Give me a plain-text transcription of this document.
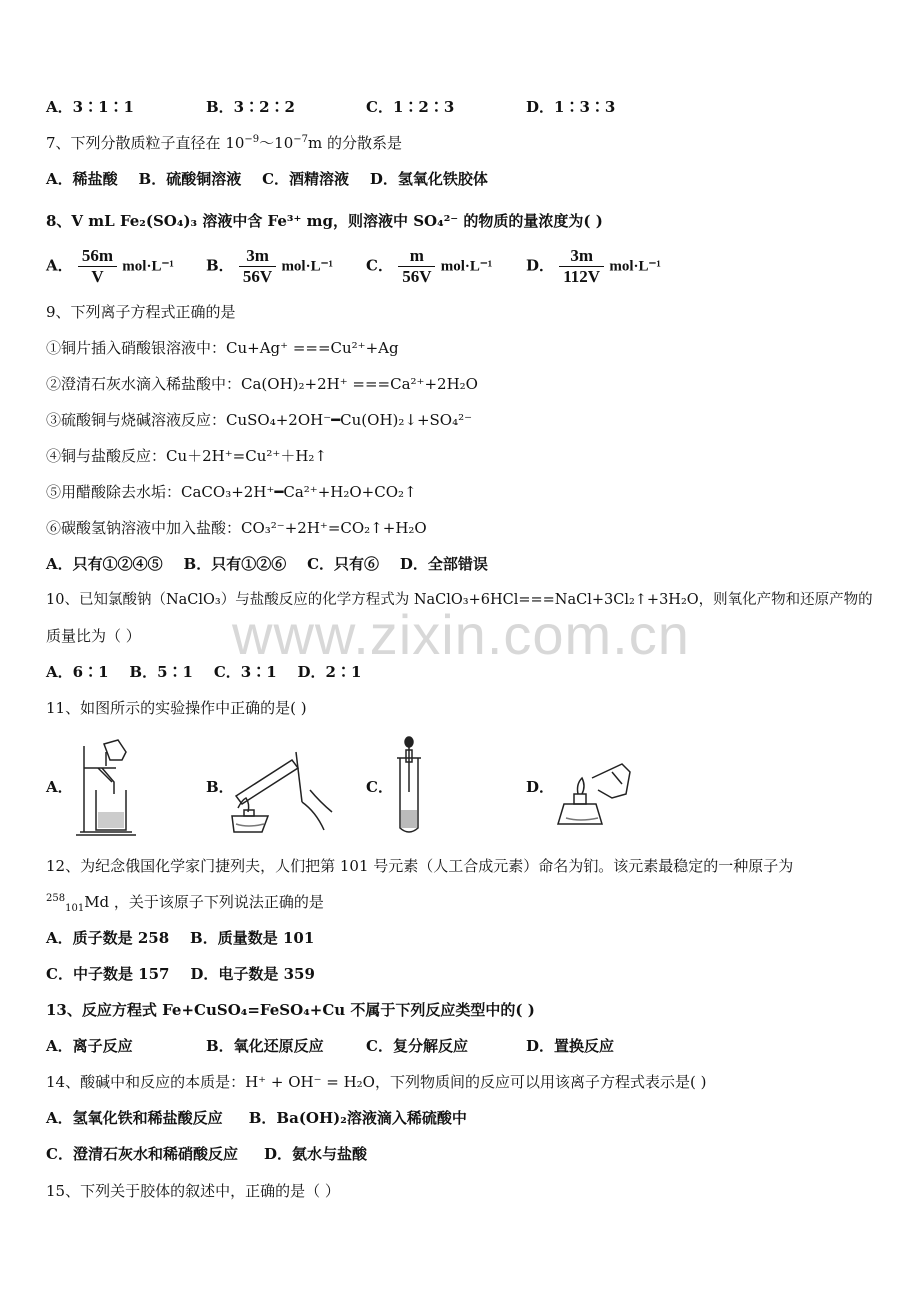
A．3∶1∶1	B．3∶2∶2	C．1∶2∶3	D．1∶3∶3
7、下列分散质粒子直径在 $10^{-9}\sim 10^{-7}m$ 的分散系是
A．稀盐酸    B．硫酸铜溶液    C．酒精溶液    D．氢氧化铁胶体
8、V mL Fe₂(SO₄)₃ 溶液中含 Fe³⁺ mg，则溶液中 SO₄²⁻ 的物质的量浓度为( )
A． $\frac{56m}{V} mol\cdot L^{-1}$ B． $\frac{3m}{56V} mol\cdot L^{-1}$ C． $\frac{m}{56V} mol\cdot L^{-1}$ D． $\frac{3m}{112V} mol\cdot L^{-1}$
9、下列离子方程式正确的是
①铜片插入硝酸银溶液中：Cu+Ag⁺ ===Cu²⁺+Ag
②澄清石灰水滴入稀盐酸中：Ca(OH)₂+2H⁺ ===Ca²⁺+2H₂O
③硫酸铜与烧碱溶液反应：CuSO₄+2OH⁻━Cu(OH)₂↓+SO₄²⁻
④铜与盐酸反应：Cu＋2H⁺=Cu²⁺＋H₂↑
⑤用醋酸除去水垢：CaCO₃+2H⁺━Ca²⁺+H₂O+CO₂↑
⑥碳酸氢钠溶液中加入盐酸：CO₃²⁻+2H⁺=CO₂↑+H₂O
A．只有①②④⑤    B．只有①②⑥    C．只有⑥    D．全部错误
10、已知氯酸钠（NaClO₃）与盐酸反应的化学方程式为 NaClO₃+6HCl===NaCl+3Cl₂↑+3H₂O，则氧化产物和还原产物的
质量比为（ ）
A．6∶1    B．5∶1    C．3∶1    D．2∶1
www.zixin.com.cn
11、如图所示的实验操作中正确的是( )
A．	B．	C．	D．
12、为纪念俄国化学家门捷列夫，人们把第 101 号元素（人工合成元素）命名为钔。该元素最稳定的一种原子为
$^{258}_{101}$Md ，关于该原子下列说法正确的是
A．质子数是 258    B．质量数是 101
C．中子数是 157    D．电子数是 359
13、反应方程式 Fe+CuSO₄=FeSO₄+Cu 不属于下列反应类型中的( )
A．离子反应	B．氧化还原反应	C．复分解反应	D．置换反应
14、酸碱中和反应的本质是：H⁺ + OH⁻ = H₂O，下列物质间的反应可以用该离子方程式表示是( )
A．氢氧化铁和稀盐酸反应     B．Ba(OH)₂溶液滴入稀硫酸中
C．澄清石灰水和稀硝酸反应     D．氨水与盐酸
15、下列关于胶体的叙述中，正确的是（ ）
